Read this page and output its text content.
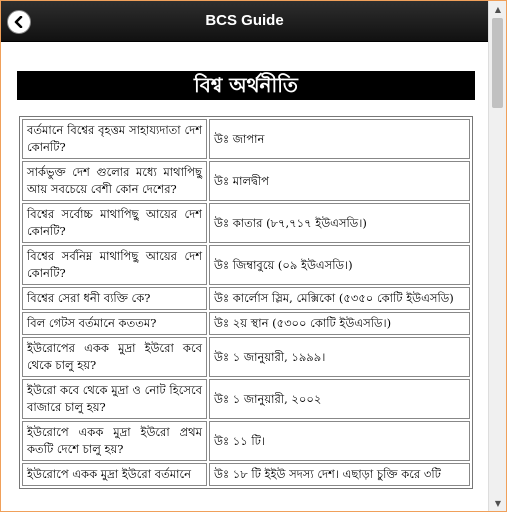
BCS Guide
বিশ্ব অর্থনীতি
বর্তমানে বিশ্বের বৃহত্তম সাহায্যদাতা দেশ কোনটি?	উঃ জাপান
সার্কভুক্ত দেশ গুলোর মধ্যে মাথাপিছু আয় সবচেয়ে বেশী কোন দেশের?	উঃ মালদ্বীপ
বিশ্বের সর্বোচ্চ মাথাপিছু আয়ের দেশ কোনটি?	উঃ কাতার (৮৭,৭১৭ ইউএসডি।)
বিশ্বের সর্বনিম্ন মাথাপিছু আয়ের দেশ কোনটি?	উঃ জিম্বাবুয়ে (০৯ ইউএসডি।)
বিশ্বের সেরা ধনী ব্যক্তি কে?	উঃ কার্লোস স্লিম, মেক্সিকো (৫৩৫০ কোটি ইউএসডি)
বিল গেটস বর্তমানে কততম?	উঃ ২য় স্থান (৫৩০০ কোটি ইউএসডি।)
ইউরোপের একক মুদ্রা ইউরো কবে থেকে চালু হয়?	উঃ ১ জানুয়ারী, ১৯৯৯।
ইউরো কবে থেকে মুদ্রা ও নোট হিসেবে বাজারে চালু হয়?	উঃ ১ জানুয়ারী, ২০০২
ইউরোপে একক মুদ্রা ইউরো প্রথম কতটি দেশে চালু হয়?	উঃ ১১ টি।
ইউরোপে একক মুদ্রা ইউরো বর্তমানে	উঃ ১৮ টি ইইউ সদস্য দেশ। এছাড়া চুক্তি করে ৩টি
▲
▼
